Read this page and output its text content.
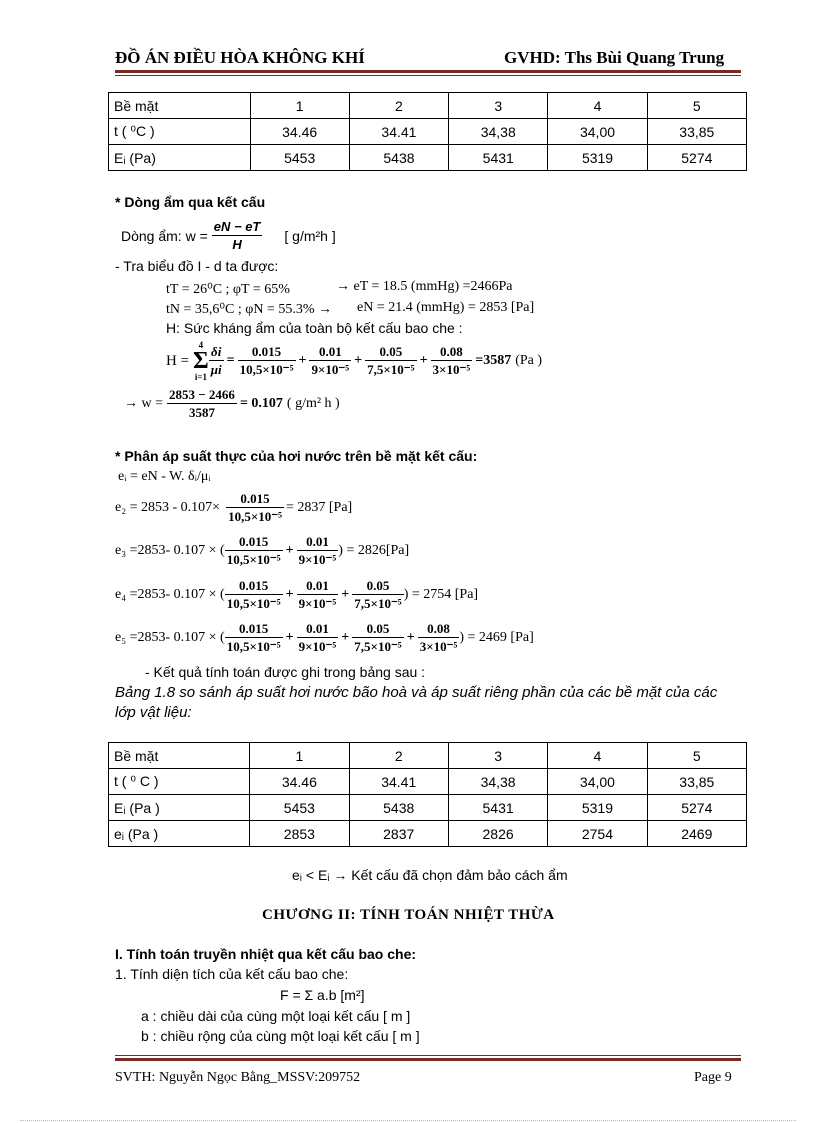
ĐỒ ÁN ĐIỀU HÒA KHÔNG KHÍ	GVHD: Ths Bùi Quang Trung
Bề mặt	1	2	3	4	5
t ( ⁰C )	34.46	34.41	34,38	34,00	33,85
Eᵢ (Pa)	5453	5438	5431	5319	5274
* Dòng ẩm qua kết cấu
Dòng ẩm: $w = \frac{eN - eT}{H}$ [ g/m²h ]
- Tra biểu đồ I - d ta được:
tT = 26⁰C ; φT = 65%	→ eT = 18.5 (mmHg) =2466Pa
tN = 35,6⁰C ; φN = 55.3% → eN = 21.4 (mmHg) = 2853 [Pa]
H: Sức kháng ẩm của toàn bộ kết cấu bao che :
H =
4
Σ
$i=1 \frac{\delta i}{\mu i} = \frac{0.015}{\text{10,5×10⁻⁵}} + \frac{0.01}{\text{9×10⁻⁵}} + \frac{0.05}{\text{7,5×10⁻⁵}} + \frac{0.08}{\text{3×10⁻⁵}} =3587$ (Pa )
→ $w = \frac{2853 - 2466}{3587} = 0.107$ ( g/m² h )
* Phân áp suất thực của hơi nước trên bề mặt kết cấu:
eᵢ = eN - W. δᵢ/μᵢ
$e_2 = 2853 - 0.107\times \frac{0.015}{\text{10,5×10⁻⁵}} = 2837$ [Pa]
e₃ =2853- 0.107 × ( $\frac{0.015}{\text{10,5×10⁻⁵}} + \frac{0.01}{\text{9×10⁻⁵}}$ ) = 2826[Pa]
e₄ =2853- 0.107 × ( $\frac{0.015}{\text{10,5×10⁻⁵}} + \frac{0.01}{\text{9×10⁻⁵}} + \frac{0.05}{\text{7,5×10⁻⁵}}$ ) = 2754 [Pa]
e₅ =2853- 0.107 × ( $\frac{0.015}{\text{10,5×10⁻⁵}} + \frac{0.01}{\text{9×10⁻⁵}} + \frac{0.05}{\text{7,5×10⁻⁵}} + \frac{0.08}{\text{3×10⁻⁵}}$ ) = 2469 [Pa]
- Kết quả tính toán được ghi trong bảng sau :
Bảng 1.8 so sánh áp suất hơi nước bão hoà và áp suất riêng phần của các bề mặt của các lớp vật liệu:
Bề mặt	1	2	3	4	5
t ( ⁰ C )	34.46	34.41	34,38	34,00	33,85
Eᵢ (Pa )	5453	5438	5431	5319	5274
eᵢ (Pa )	2853	2837	2826	2754	2469
eᵢ < Eᵢ → Kết cấu đã chọn đảm bảo cách ẩm
CHƯƠNG II: TÍNH TOÁN NHIỆT THỪA
I. Tính toán truyền nhiệt qua kết cấu bao che:
1. Tính diện tích của kết cấu bao che:
F = Σ a.b [m²]
a : chiều dài của cùng một loại kết cấu [ m ]
b : chiều rộng của cùng một loại kết cấu [ m ]
SVTH: Nguyễn Ngọc Bằng_MSSV:209752	Page 9
